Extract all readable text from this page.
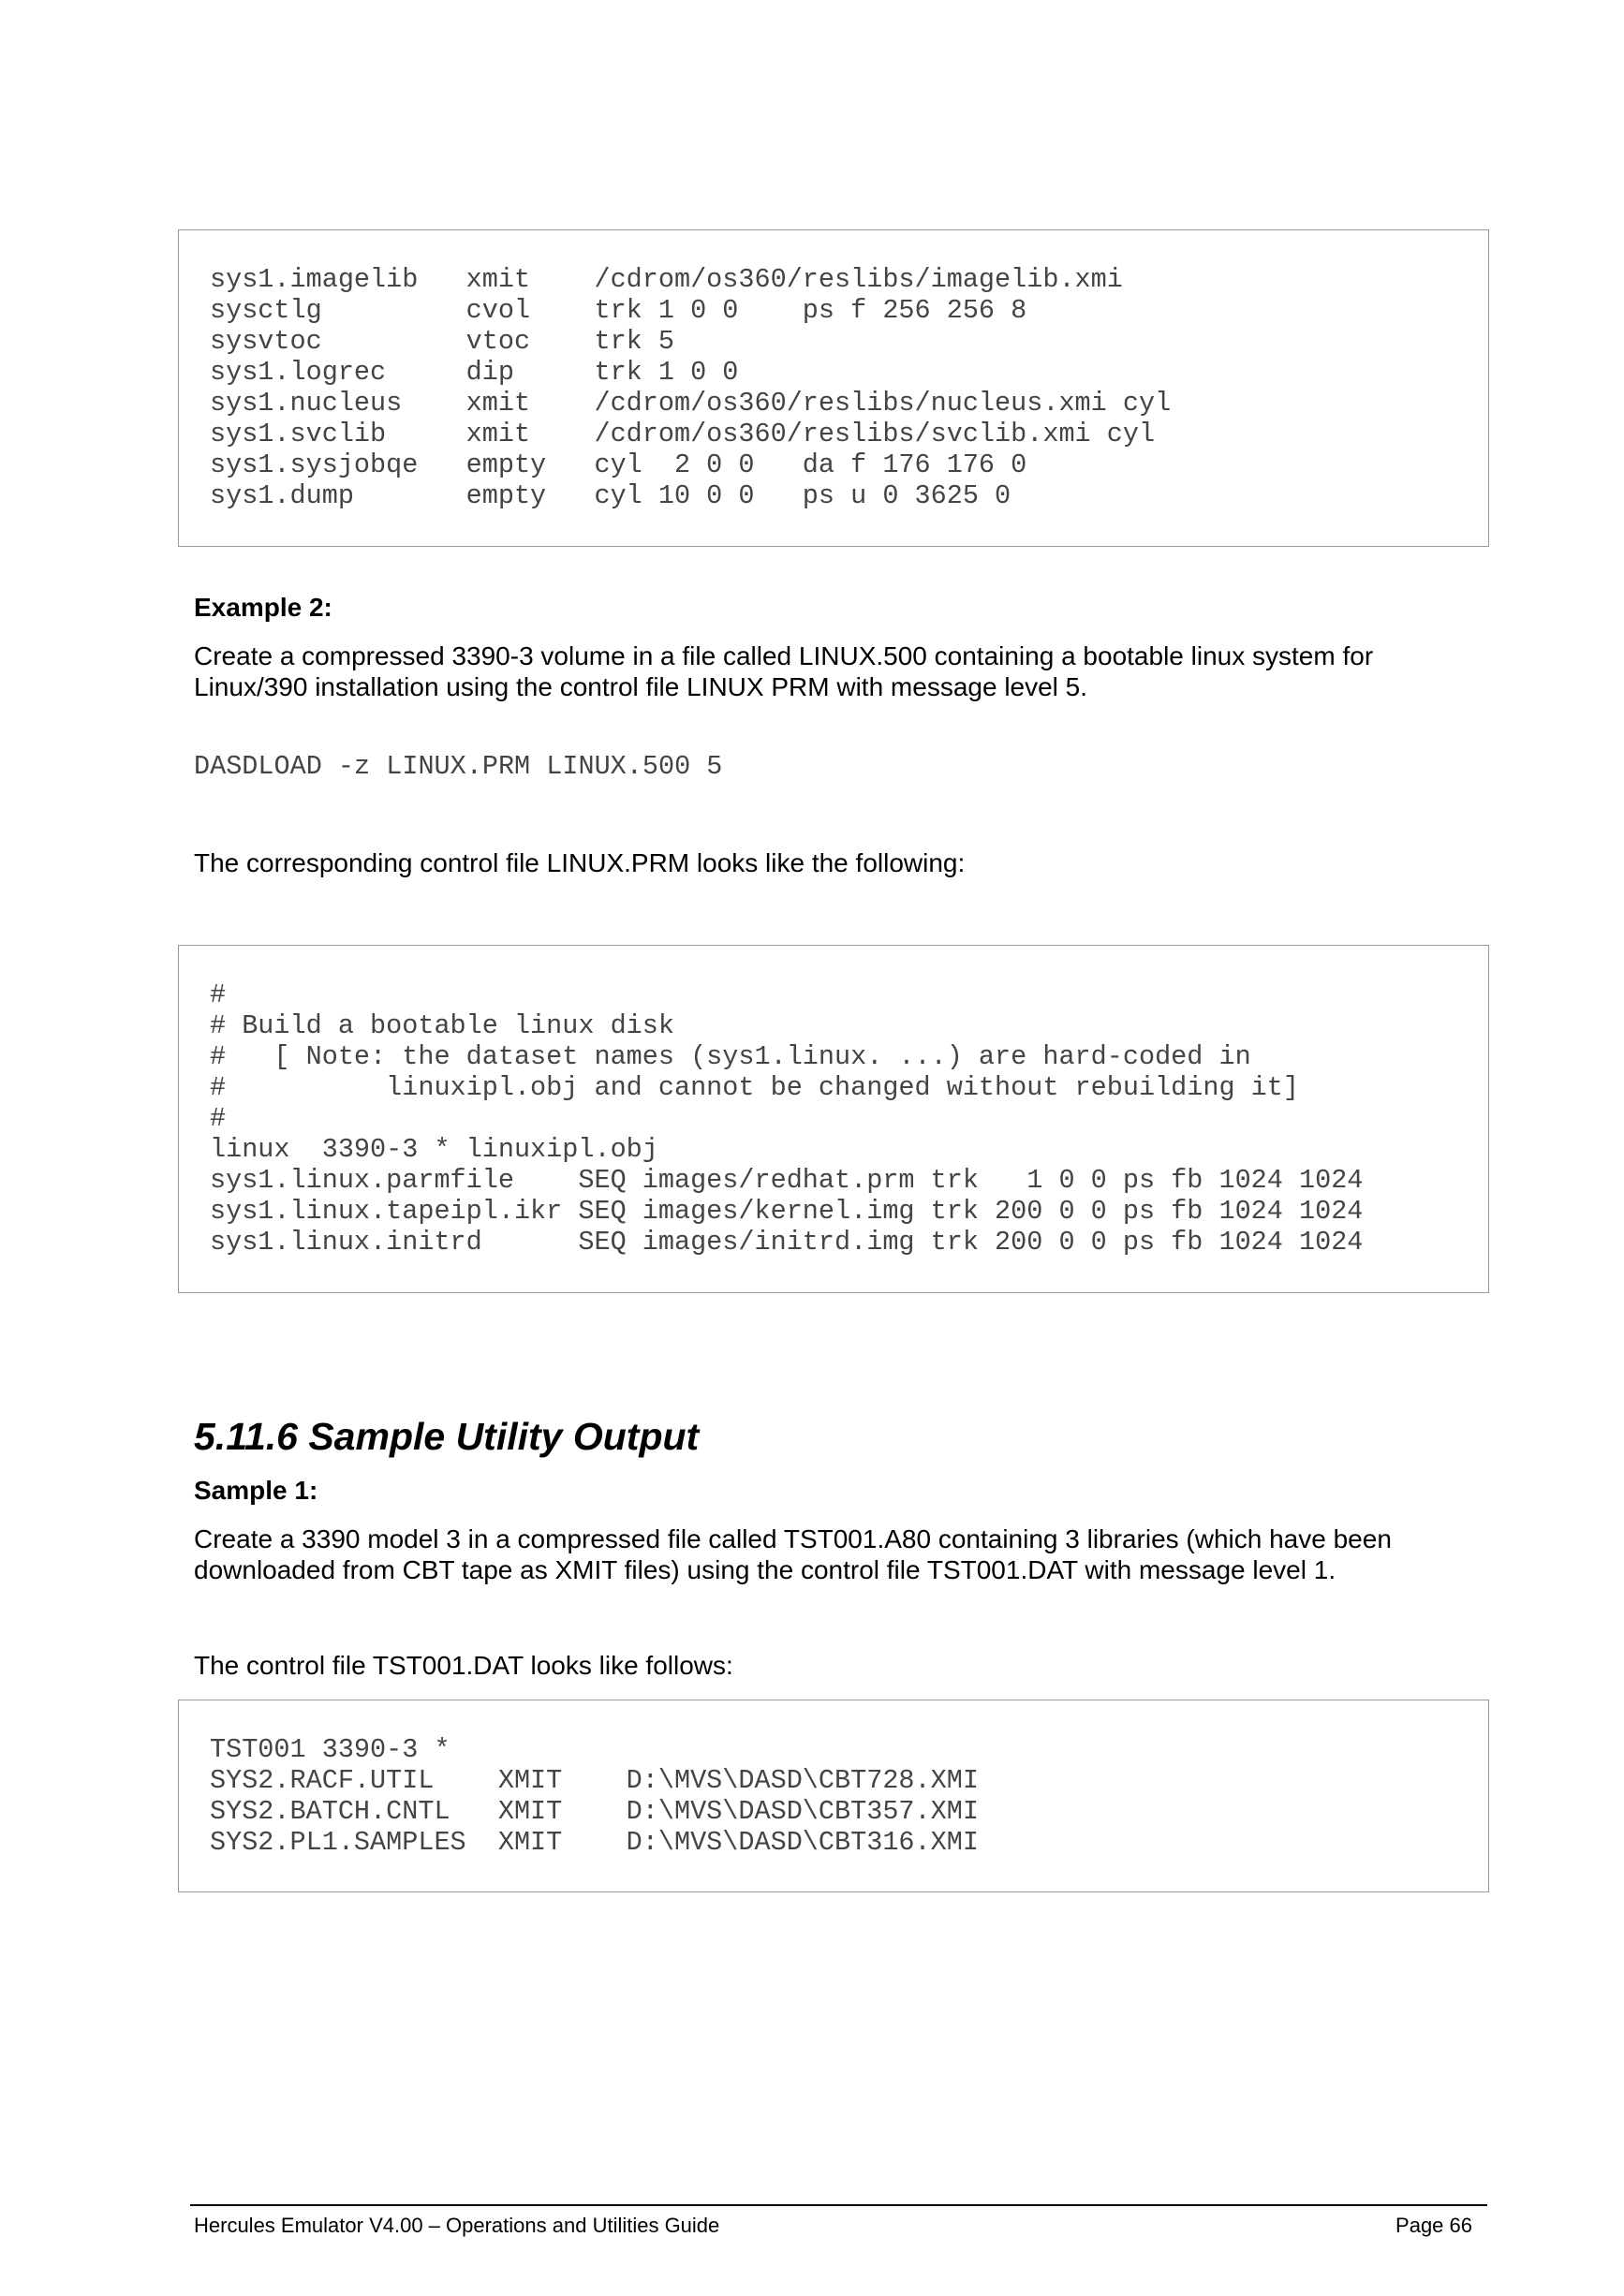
sys1.imagelib   xmit    /cdrom/os360/reslibs/imagelib.xmi
sysctlg         cvol    trk 1 0 0    ps f 256 256 8
sysvtoc         vtoc    trk 5
sys1.logrec     dip     trk 1 0 0
sys1.nucleus    xmit    /cdrom/os360/reslibs/nucleus.xmi cyl
sys1.svclib     xmit    /cdrom/os360/reslibs/svclib.xmi cyl
sys1.sysjobqe   empty   cyl  2 0 0   da f 176 176 0
sys1.dump       empty   cyl 10 0 0   ps u 0 3625 0

Example 2:

Create a compressed 3390-3 volume in a file called LINUX.500 containing a bootable linux system for
Linux/390 installation using the control file LINUX PRM with message level 5.

DASDLOAD -z LINUX.PRM LINUX.500 5

The corresponding control file LINUX.PRM looks like the following:

#
# Build a bootable linux disk
#   [ Note: the dataset names (sys1.linux. ...) are hard-coded in
#          linuxipl.obj and cannot be changed without rebuilding it]
#
linux  3390-3 * linuxipl.obj
sys1.linux.parmfile    SEQ images/redhat.prm trk   1 0 0 ps fb 1024 1024
sys1.linux.tapeipl.ikr SEQ images/kernel.img trk 200 0 0 ps fb 1024 1024
sys1.linux.initrd      SEQ images/initrd.img trk 200 0 0 ps fb 1024 1024
5.11.6 Sample Utility Output

Sample 1:

Create a 3390 model 3 in a compressed file called TST001.A80 containing 3 libraries (which have been
downloaded from CBT tape as XMIT files) using the control file TST001.DAT with message level 1.

The control file TST001.DAT looks like follows:

TST001 3390-3 *
SYS2.RACF.UTIL    XMIT    D:\MVS\DASD\CBT728.XMI
SYS2.BATCH.CNTL   XMIT    D:\MVS\DASD\CBT357.XMI
SYS2.PL1.SAMPLES  XMIT    D:\MVS\DASD\CBT316.XMI
Hercules Emulator V4.00 – Operations and Utilities Guide	Page 66
